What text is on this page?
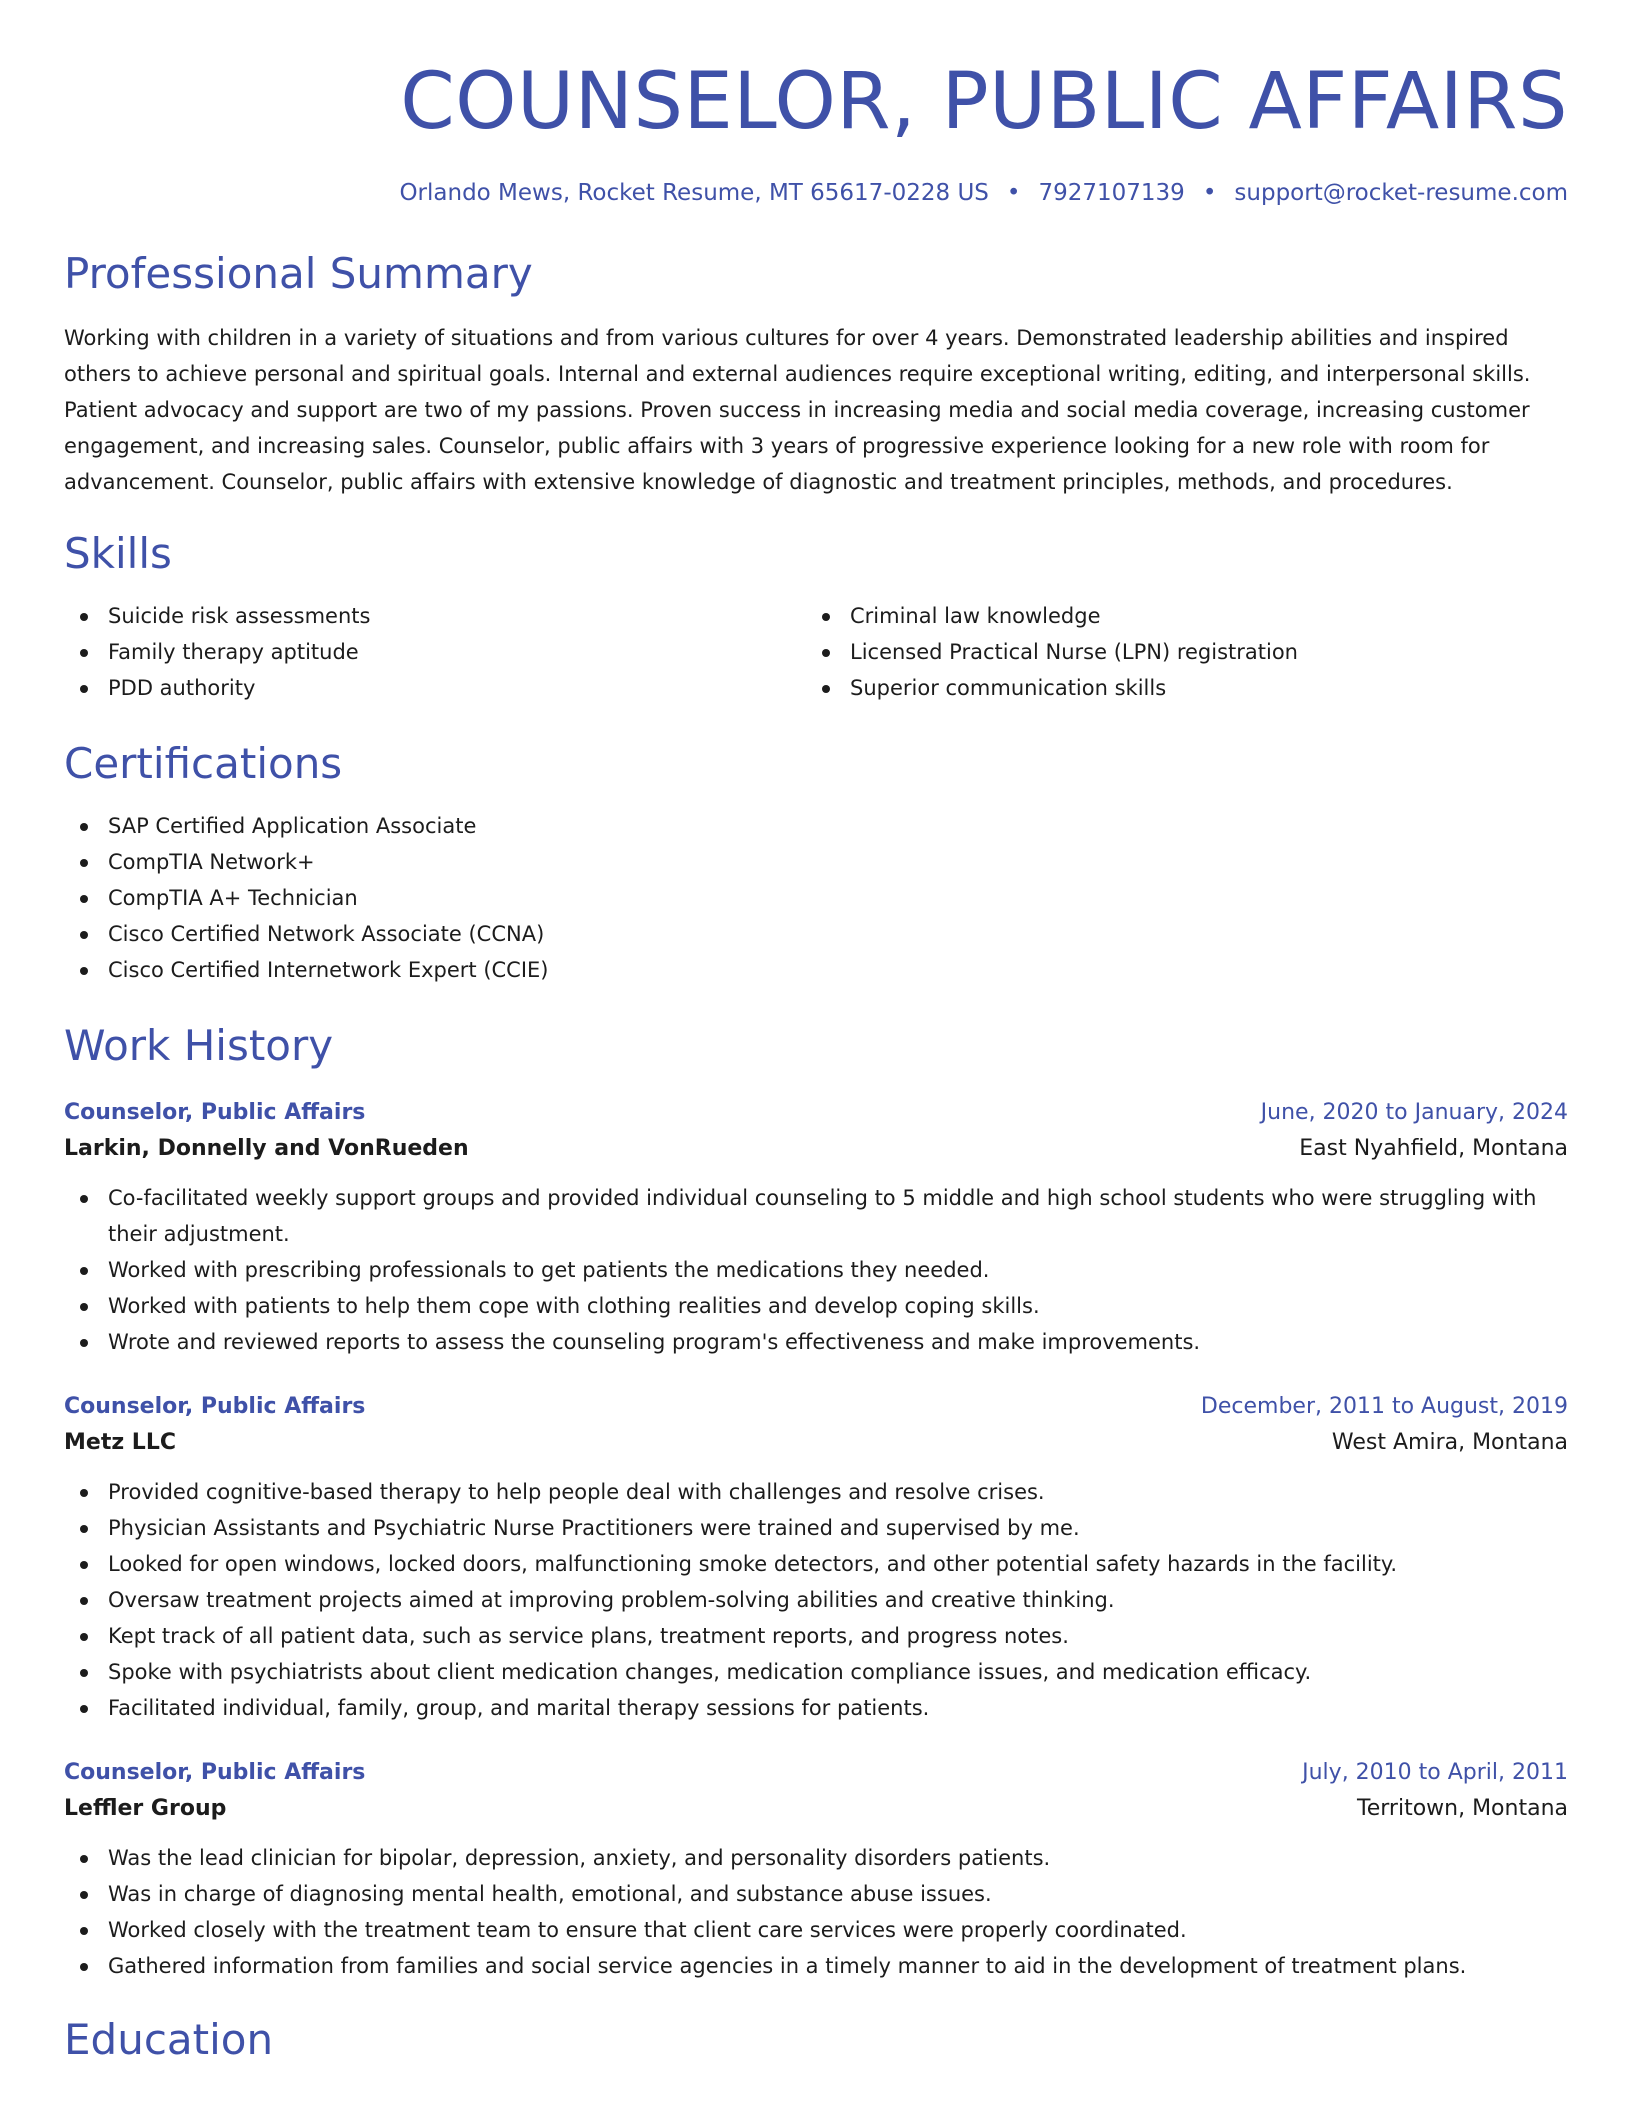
COUNSELOR, PUBLIC AFFAIRS
Orlando Mews, Rocket Resume, MT 65617-0228 US • 7927107139 • support@rocket-resume.com
Professional Summary

Working with children in a variety of situations and from various cultures for over 4 years. Demonstrated leadership abilities and inspired others to achieve personal and spiritual goals. Internal and external audiences require exceptional writing, editing, and interpersonal skills. Patient advocacy and support are two of my passions. Proven success in increasing media and social media coverage, increasing customer engagement, and increasing sales. Counselor, public affairs with 3 years of progressive experience looking for a new role with room for advancement. Counselor, public affairs with extensive knowledge of diagnostic and treatment principles, methods, and procedures.

Skills
Suicide risk assessments
Family therapy aptitude
PDD authority
Criminal law knowledge
Licensed Practical Nurse (LPN) registration
Superior communication skills
Certifications
SAP Certified Application Associate
CompTIA Network+
CompTIA A+ Technician
Cisco Certified Network Associate (CCNA)
Cisco Certified Internetwork Expert (CCIE)
Work History
Counselor, Public Affairs	June, 2020 to January, 2024
Larkin, Donnelly and VonRueden	East Nyahfield, Montana
Co-facilitated weekly support groups and provided individual counseling to 5 middle and high school students who were struggling with their adjustment.
Worked with prescribing professionals to get patients the medications they needed.
Worked with patients to help them cope with clothing realities and develop coping skills.
Wrote and reviewed reports to assess the counseling program's effectiveness and make improvements.
Counselor, Public Affairs	December, 2011 to August, 2019
Metz LLC	West Amira, Montana
Provided cognitive-based therapy to help people deal with challenges and resolve crises.
Physician Assistants and Psychiatric Nurse Practitioners were trained and supervised by me.
Looked for open windows, locked doors, malfunctioning smoke detectors, and other potential safety hazards in the facility.
Oversaw treatment projects aimed at improving problem-solving abilities and creative thinking.
Kept track of all patient data, such as service plans, treatment reports, and progress notes.
Spoke with psychiatrists about client medication changes, medication compliance issues, and medication efficacy.
Facilitated individual, family, group, and marital therapy sessions for patients.
Counselor, Public Affairs	July, 2010 to April, 2011
Leffler Group	Territown, Montana
Was the lead clinician for bipolar, depression, anxiety, and personality disorders patients.
Was in charge of diagnosing mental health, emotional, and substance abuse issues.
Worked closely with the treatment team to ensure that client care services were properly coordinated.
Gathered information from families and social service agencies in a timely manner to aid in the development of treatment plans.
Education
